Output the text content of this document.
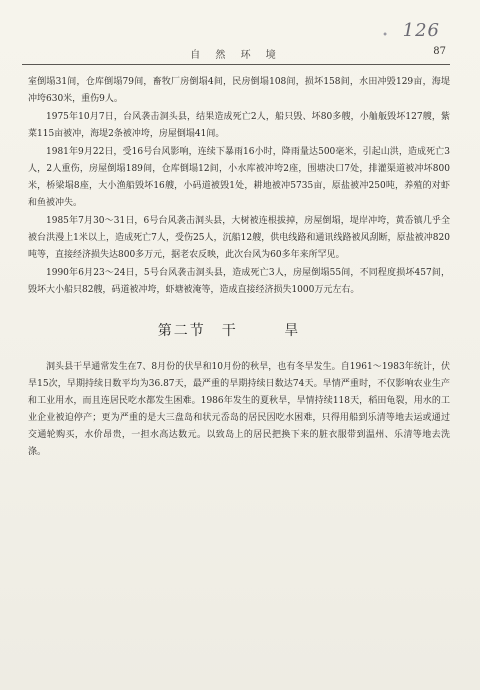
• 126
自 然 环 境	87

室倒塌31间，仓库倒塌79间，畜牧厂房倒塌4间，民房倒塌108间，损坏158间，水田冲毁129亩，海堤冲垮630米，重伤9人。

1975年10月7日，台风袭击洞头县，结果造成死亡2人，船只毁、坏80多艘，小舢舨毁坏127艘，紫菜115亩被冲，海堤2条被冲垮，房屋倒塌41间。

1981年9月22日，受16号台风影响，连续下暴雨16小时，降雨量达500毫米，引起山洪，造成死亡3人，2人重伤，房屋倒塌189间，仓库倒塌12间，小水库被冲垮2座，围塘决口7处，排灌渠道被冲坏800米，桥梁塌8座，大小渔船毁坏16艘，小码道被毁1处，耕地被冲5735亩，原盐被冲250吨，养殖的对虾和鱼被冲失。

1985年7月30～31日，6号台风袭击洞头县，大树被连根拔掉，房屋倒塌，堤岸冲垮，黄岙镇几乎全被台洪漫上1米以上，造成死亡7人，受伤25人，沉船12艘，供电线路和通讯线路被风刮断，原盐被冲820吨等，直接经济损失达800多万元，据老农反映，此次台风为60多年来所罕见。

1990年6月23～24日，5号台风袭击洞头县，造成死亡3人，房屋倒塌55间，不同程度损坏457间，毁坏大小船只82艘，码道被冲垮，虾塘被淹等，造成直接经济损失1000万元左右。

第二节 干 旱

洞头县干旱通常发生在7、8月份的伏旱和10月份的秋旱，也有冬旱发生。自1961～1983年统计，伏旱15次，早期持续日数平均为36.87天，最严重的旱期持续日数达74天。旱情严重时，不仅影响农业生产和工业用水，而且连居民吃水都发生困难。1986年发生的夏秋旱，旱情持续118天，稻田龟裂，用水的工业企业被迫停产；更为严重的是大三盘岛和状元岙岛的居民因吃水困难，只得用船到乐清等地去运或通过交通轮购买，水价昂贵，一担水高达数元。以致岛上的居民把换下来的脏衣服带到温州、乐清等地去洗涤。
